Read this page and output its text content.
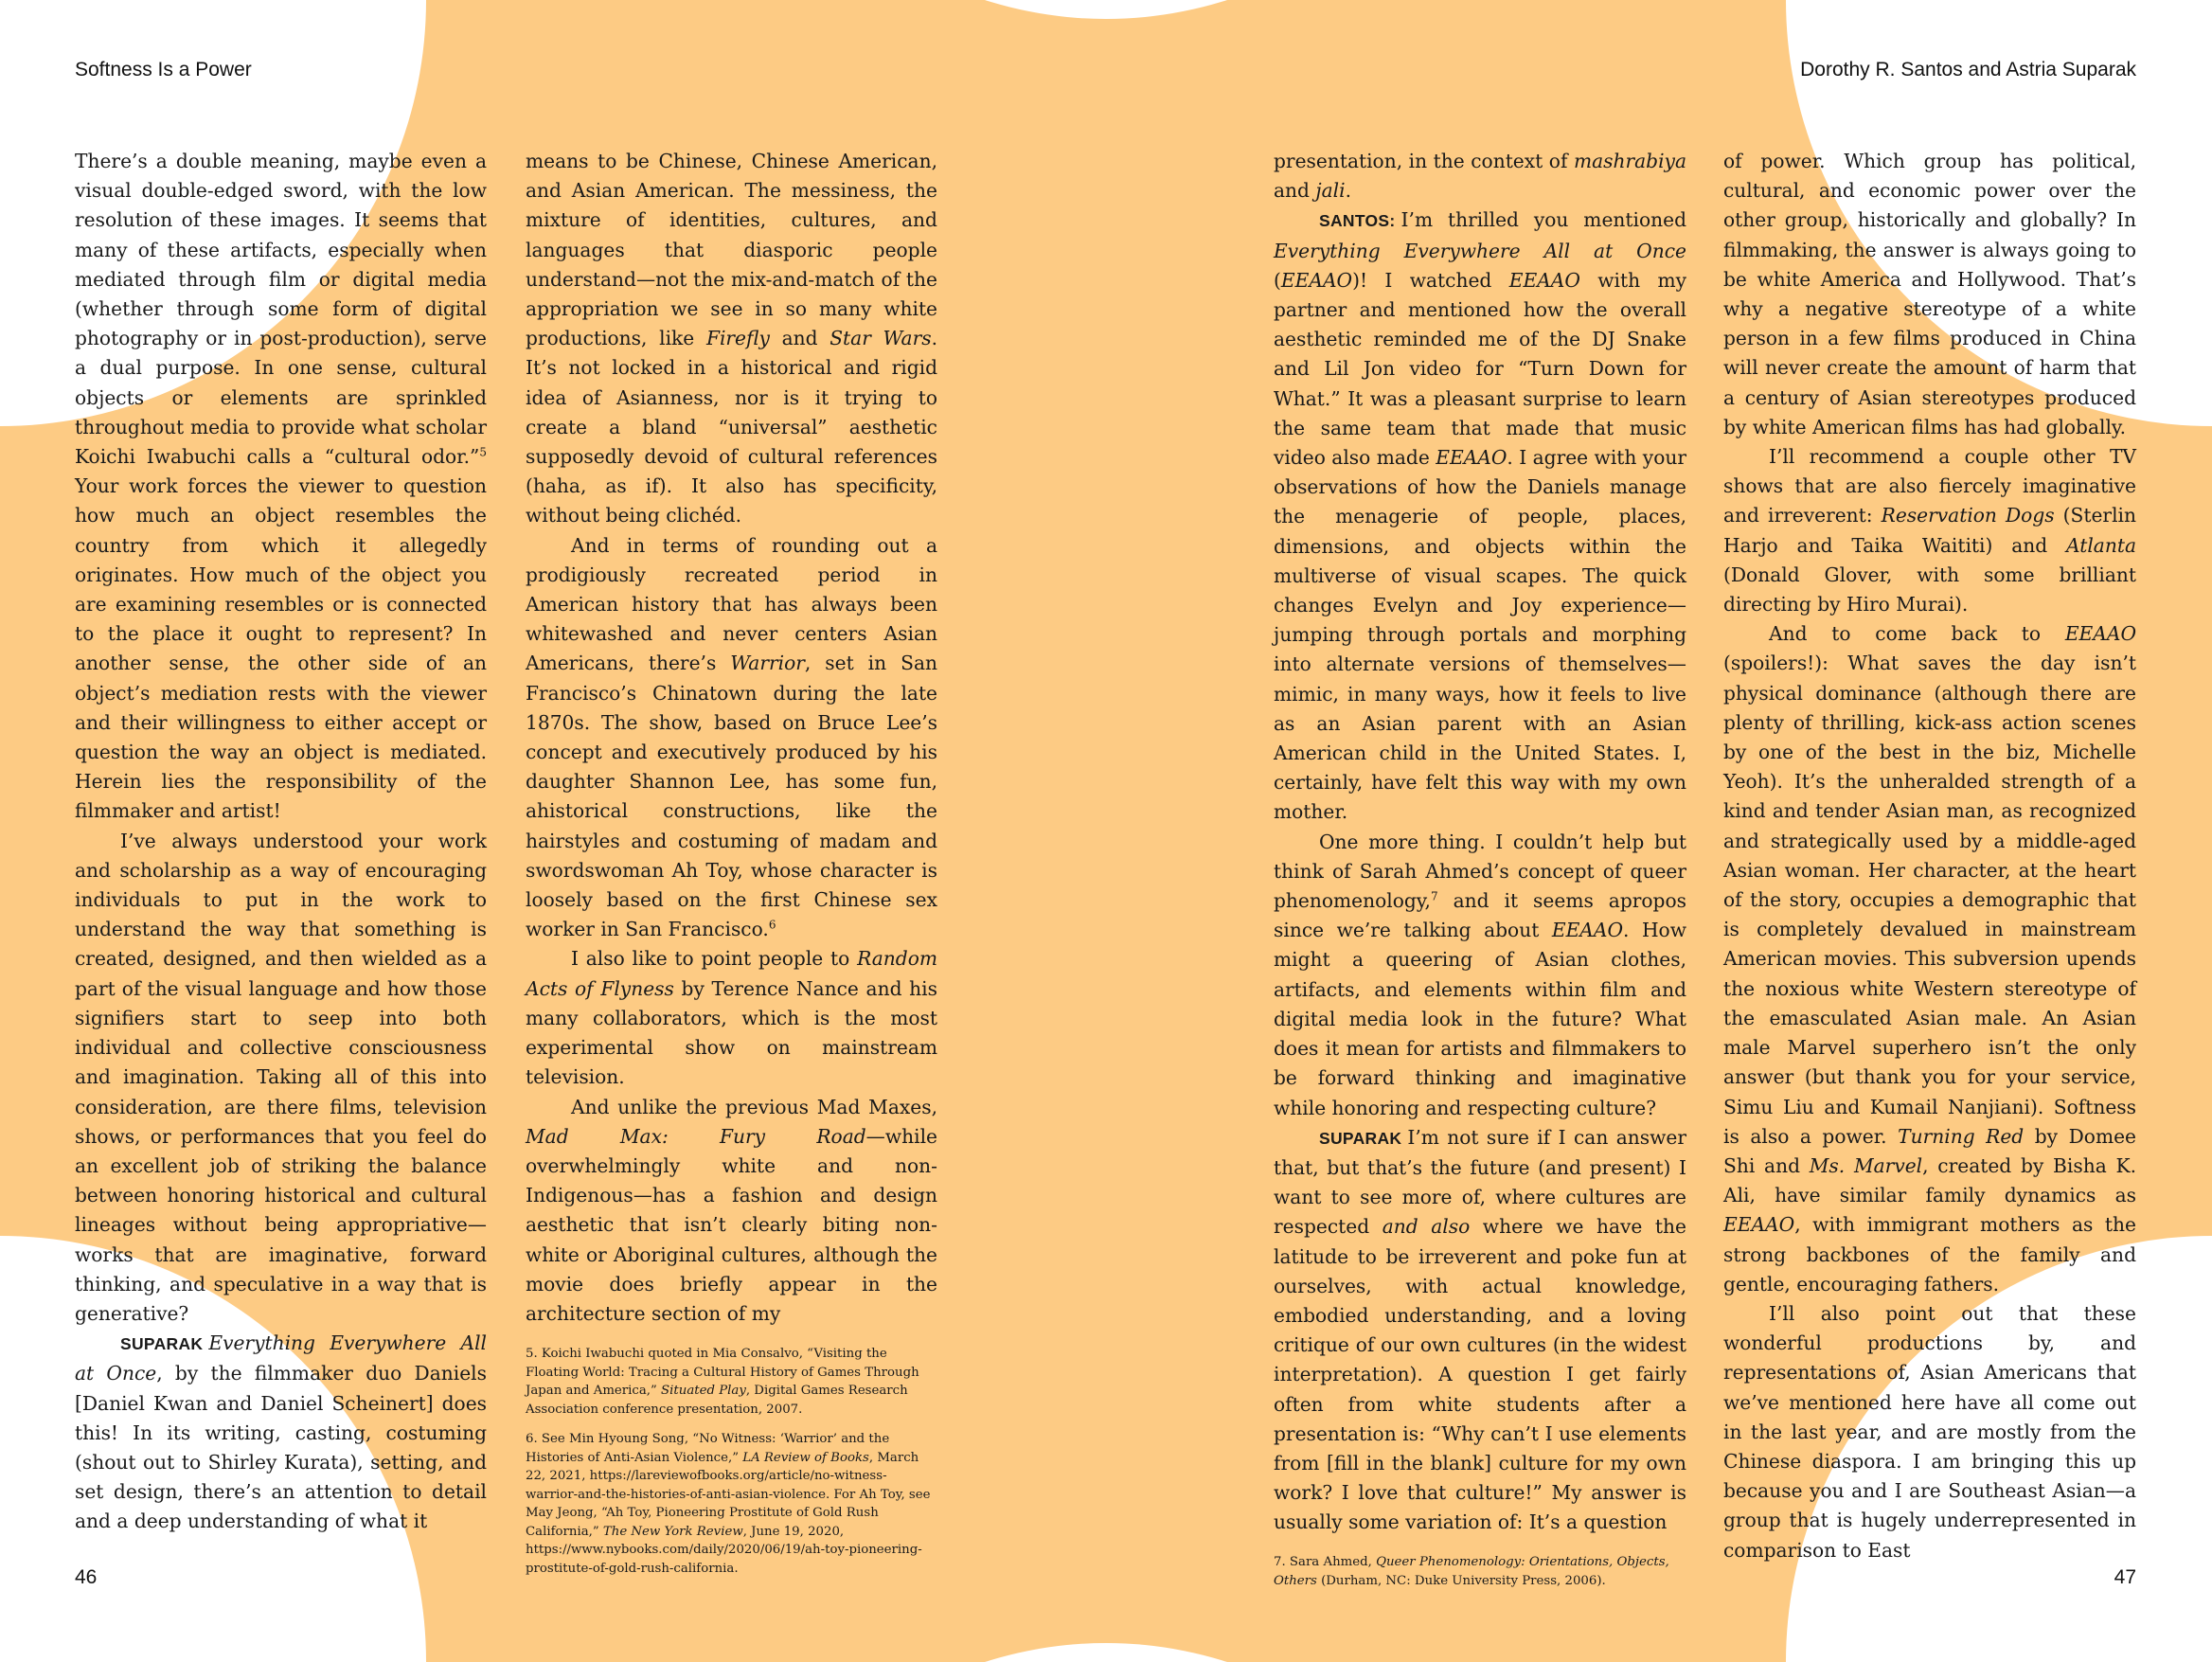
Softness Is a Power	Dorothy R. Santos and Astria Suparak

There’s a double meaning, maybe even a visual double-edged sword, with the low resolution of these images. It seems that many of these artifacts, especially when mediated through film or digital media (whether through some form of digital photography or in post-production), serve a dual purpose. In one sense, cultural objects or elements are sprinkled throughout media to provide what scholar Koichi Iwabuchi calls a “cultural odor.”$^5$ Your work forces the viewer to question how much an object resembles the country from which it allegedly originates. How much of the object you are examining resembles or is connected to the place it ought to represent? In another sense, the other side of an object’s mediation rests with the viewer and their willingness to either accept or question the way an object is mediated. Herein lies the responsibility of the filmmaker and artist!

I’ve always understood your work and scholarship as a way of encouraging individuals to put in the work to understand the way that something is created, designed, and then wielded as a part of the visual language and how those signifiers start to seep into both individual and collective consciousness and imagination. Taking all of this into consideration, are there films, television shows, or performances that you feel do an excellent job of striking the balance between honoring historical and cultural lineages without being appropriative—works that are imaginative, forward thinking, and speculative in a way that is generative?

SUPARAK Everything Everywhere All at Once, by the filmmaker duo Daniels [Daniel Kwan and Daniel Scheinert] does this! In its writing, casting, costuming (shout out to Shirley Kurata), setting, and set design, there’s an attention to detail and a deep understanding of what it

means to be Chinese, Chinese American, and Asian American. The messiness, the mixture of identities, cultures, and languages that diasporic people understand—not the mix-and-match of the appropriation we see in so many white productions, like Firefly and Star Wars. It’s not locked in a historical and rigid idea of Asianness, nor is it trying to create a bland “universal” aesthetic supposedly devoid of cultural references (haha, as if). It also has specificity, without being clichéd.

And in terms of rounding out a prodigiously recreated period in American history that has always been whitewashed and never centers Asian Americans, there’s Warrior, set in San Francisco’s Chinatown during the late 1870s. The show, based on Bruce Lee’s concept and executively produced by his daughter Shannon Lee, has some fun, ahistorical constructions, like the hairstyles and costuming of madam and swordswoman Ah Toy, whose character is loosely based on the first Chinese sex worker in San Francisco.$^6$

I also like to point people to Random Acts of Flyness by Terence Nance and his many collaborators, which is the most experimental show on mainstream television.

And unlike the previous Mad Maxes, Mad Max: Fury Road—while overwhelmingly white and non-Indigenous—has a fashion and design aesthetic that isn’t clearly biting non-white or Aboriginal cultures, although the movie does briefly appear in the architecture section of my

5. Koichi Iwabuchi quoted in Mia Consalvo, “Visiting the Floating World: Tracing a Cultural History of Games Through Japan and America,” Situated Play, Digital Games Research Association conference presentation, 2007.

6. See Min Hyoung Song, “No Witness: ‘Warrior’ and the Histories of Anti-Asian Violence,” LA Review of Books, March 22, 2021, https://lareviewofbooks.org/article/no-witness-warrior-and-the-histories-of-anti-asian-violence. For Ah Toy, see May Jeong, “Ah Toy, Pioneering Prostitute of Gold Rush California,” The New York Review, June 19, 2020, https://www.nybooks.com/daily/2020/06/19/ah-toy-pioneering-prostitute-of-gold-rush-california.

presentation, in the context of mashrabiya and jali.

SANTOS: I’m thrilled you mentioned Everything Everywhere All at Once (EEAAO)! I watched EEAAO with my partner and mentioned how the overall aesthetic reminded me of the DJ Snake and Lil Jon video for “Turn Down for What.” It was a pleasant surprise to learn the same team that made that music video also made EEAAO. I agree with your observations of how the Daniels manage the menagerie of people, places, dimensions, and objects within the multiverse of visual scapes. The quick changes Evelyn and Joy experience—jumping through portals and morphing into alternate versions of themselves—mimic, in many ways, how it feels to live as an Asian parent with an Asian American child in the United States. I, certainly, have felt this way with my own mother.

One more thing. I couldn’t help but think of Sarah Ahmed’s concept of queer phenomenology,$^7$ and it seems apropos since we’re talking about EEAAO. How might a queering of Asian clothes, artifacts, and elements within film and digital media look in the future? What does it mean for artists and filmmakers to be forward thinking and imaginative while honoring and respecting culture?

SUPARAK I’m not sure if I can answer that, but that’s the future (and present) I want to see more of, where cultures are respected and also where we have the latitude to be irreverent and poke fun at ourselves, with actual knowledge, embodied understanding, and a loving critique of our own cultures (in the widest interpretation). A question I get fairly often from white students after a presentation is: “Why can’t I use elements from [fill in the blank] culture for my own work? I love that culture!” My answer is usually some variation of: It’s a question

of power. Which group has political, cultural, and economic power over the other group, historically and globally? In filmmaking, the answer is always going to be white America and Hollywood. That’s why a negative stereotype of a white person in a few films produced in China will never create the amount of harm that a century of Asian stereotypes produced by white American films has had globally.

I’ll recommend a couple other TV shows that are also fiercely imaginative and irreverent: Reservation Dogs (Sterlin Harjo and Taika Waititi) and Atlanta (Donald Glover, with some brilliant directing by Hiro Murai).

And to come back to EEAAO (spoilers!): What saves the day isn’t physical dominance (although there are plenty of thrilling, kick-ass action scenes by one of the best in the biz, Michelle Yeoh). It’s the unheralded strength of a kind and tender Asian man, as recognized and strategically used by a middle-aged Asian woman. Her character, at the heart of the story, occupies a demographic that is completely devalued in mainstream American movies. This subversion upends the noxious white Western stereotype of the emasculated Asian male. An Asian male Marvel superhero isn’t the only answer (but thank you for your service, Simu Liu and Kumail Nanjiani). Softness is also a power. Turning Red by Domee Shi and Ms. Marvel, created by Bisha K. Ali, have similar family dynamics as EEAAO, with immigrant mothers as the strong backbones of the family and gentle, encouraging fathers.

I’ll also point out that these wonderful productions by, and representations of, Asian Americans that we’ve mentioned here have all come out in the last year, and are mostly from the Chinese diaspora. I am bringing this up because you and I are Southeast Asian—a group that is hugely underrepresented in comparison to East

7. Sara Ahmed, Queer Phenomenology: Orientations, Objects, Others (Durham, NC: Duke University Press, 2006).

46	47
